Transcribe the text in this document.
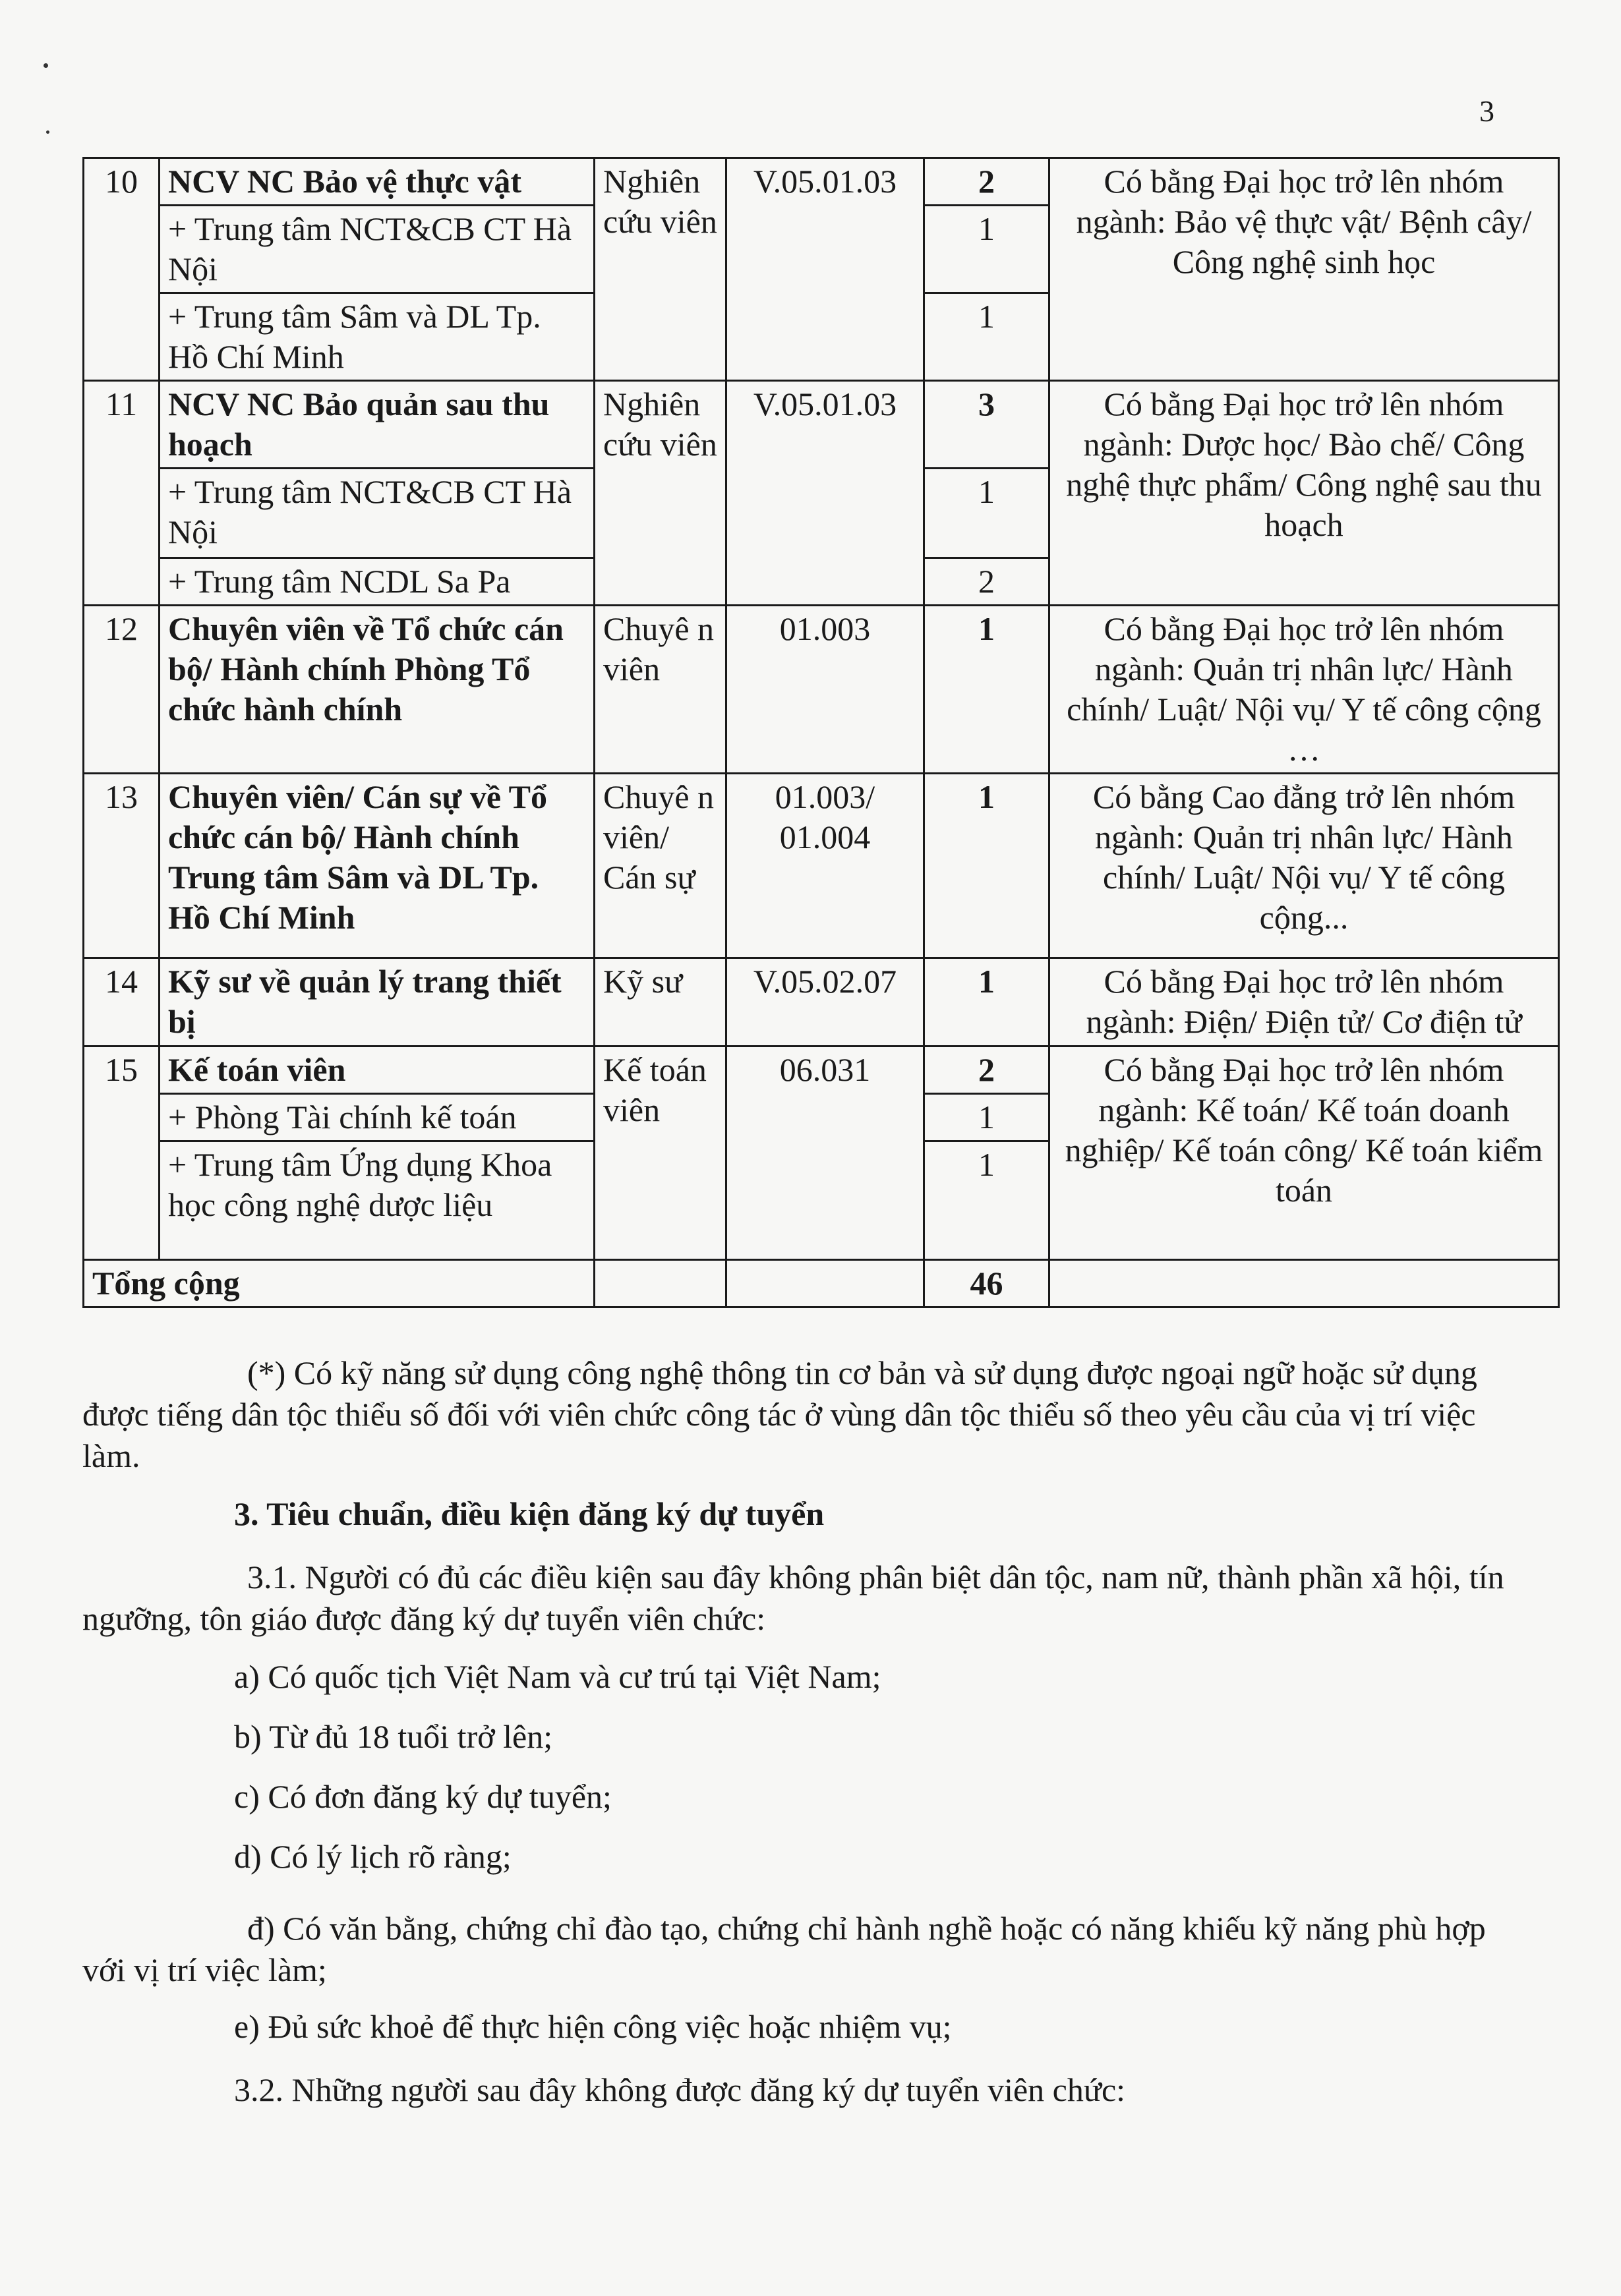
3
10	NCV NC Bảo vệ thực vật	Nghiên cứu viên	V.05.01.03	2	Có bằng Đại học trở lên nhóm ngành: Bảo vệ thực vật/ Bệnh cây/ Công nghệ sinh học
	+ Trung tâm NCT&CB CT Hà Nội			1	
	+ Trung tâm Sâm và DL Tp. Hồ Chí Minh			1	
11	NCV NC Bảo quản sau thu hoạch	Nghiên cứu viên	V.05.01.03	3	Có bằng Đại học trở lên nhóm ngành: Dược học/ Bào chế/ Công nghệ thực phẩm/ Công nghệ sau thu hoạch
	+ Trung tâm NCT&CB CT Hà Nội			1	
	+ Trung tâm NCDL Sa Pa			2	
12	Chuyên viên về Tổ chức cán bộ/ Hành chính Phòng Tổ chức hành chính	Chuyê n viên	01.003	1	Có bằng Đại học trở lên nhóm ngành: Quản trị nhân lực/ Hành chính/ Luật/ Nội vụ/ Y tế công cộng …
13	Chuyên viên/ Cán sự về Tổ chức cán bộ/ Hành chính Trung tâm Sâm và DL Tp. Hồ Chí Minh	Chuyê n viên/ Cán sự	01.003/ 01.004	1	Có bằng Cao đẳng trở lên nhóm ngành: Quản trị nhân lực/ Hành chính/ Luật/ Nội vụ/ Y tế công cộng...
14	Kỹ sư về quản lý trang thiết bị	Kỹ sư	V.05.02.07	1	Có bằng Đại học trở lên nhóm ngành: Điện/ Điện tử/ Cơ điện tử
15	Kế toán viên	Kế toán viên	06.031	2	Có bằng Đại học trở lên nhóm ngành: Kế toán/ Kế toán doanh nghiệp/ Kế toán công/ Kế toán kiểm toán
	+ Phòng Tài chính kế toán			1	
	+ Trung tâm Ứng dụng Khoa học công nghệ dược liệu			1	
Tổng cộng				46	
(*) Có kỹ năng sử dụng công nghệ thông tin cơ bản và sử dụng được ngoại ngữ hoặc sử dụng được tiếng dân tộc thiểu số đối với viên chức công tác ở vùng dân tộc thiểu số theo yêu cầu của vị trí việc làm.
3. Tiêu chuẩn, điều kiện đăng ký dự tuyển
3.1. Người có đủ các điều kiện sau đây không phân biệt dân tộc, nam nữ, thành phần xã hội, tín ngưỡng, tôn giáo được đăng ký dự tuyển viên chức:
a) Có quốc tịch Việt Nam và cư trú tại Việt Nam;
b) Từ đủ 18 tuổi trở lên;
c) Có đơn đăng ký dự tuyển;
d) Có lý lịch rõ ràng;
đ) Có văn bằng, chứng chỉ đào tạo, chứng chỉ hành nghề hoặc có năng khiếu kỹ năng phù hợp với vị trí việc làm;
e) Đủ sức khoẻ để thực hiện công việc hoặc nhiệm vụ;
3.2. Những người sau đây không được đăng ký dự tuyển viên chức:
